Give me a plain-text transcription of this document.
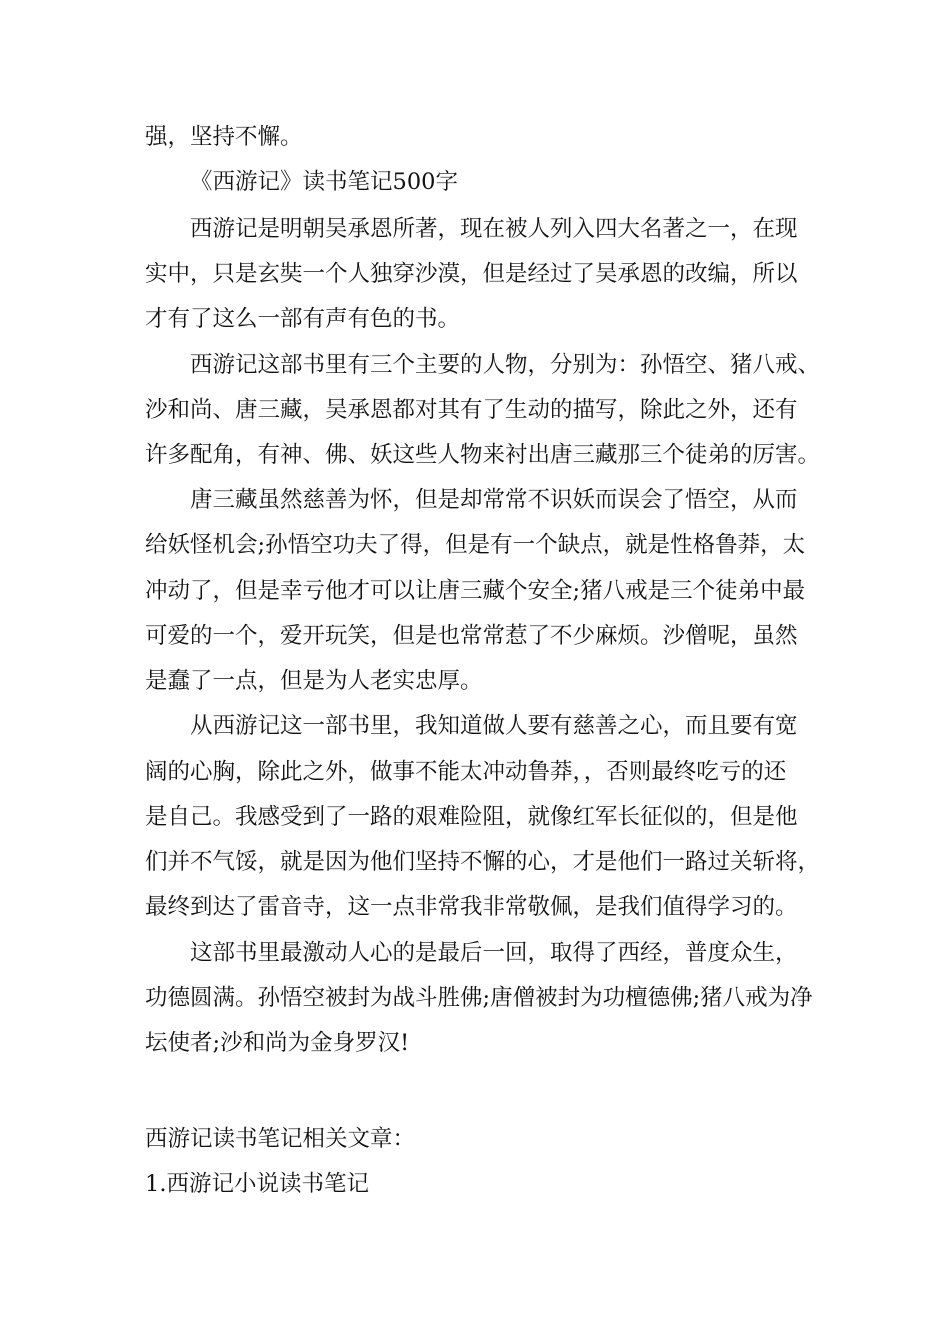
强，坚持不懈。
《西游记》读书笔记500字
西游记是明朝吴承恩所著，现在被人列入四大名著之一，在现
实中，只是玄奘一个人独穿沙漠，但是经过了吴承恩的改编，所以
才有了这么一部有声有色的书。
西游记这部书里有三个主要的人物，分别为：孙悟空、猪八戒、
沙和尚、唐三藏，吴承恩都对其有了生动的描写，除此之外，还有
许多配角，有神、佛、妖这些人物来衬出唐三藏那三个徒弟的厉害。
唐三藏虽然慈善为怀，但是却常常不识妖而误会了悟空，从而
给妖怪机会;孙悟空功夫了得，但是有一个缺点，就是性格鲁莽，太
冲动了，但是幸亏他才可以让唐三藏个安全;猪八戒是三个徒弟中最
可爱的一个，爱开玩笑，但是也常常惹了不少麻烦。沙僧呢，虽然
是蠢了一点，但是为人老实忠厚。
从西游记这一部书里，我知道做人要有慈善之心，而且要有宽
阔的心胸，除此之外，做事不能太冲动鲁莽，，否则最终吃亏的还
是自己。我感受到了一路的艰难险阻，就像红军长征似的，但是他
们并不气馁，就是因为他们坚持不懈的心，才是他们一路过关斩将，
最终到达了雷音寺，这一点非常我非常敬佩，是我们值得学习的。
这部书里最激动人心的是最后一回，取得了西经，普度众生，
功德圆满。孙悟空被封为战斗胜佛;唐僧被封为功檀德佛;猪八戒为净
坛使者;沙和尚为金身罗汉!
西游记读书笔记相关文章：
1.西游记小说读书笔记
